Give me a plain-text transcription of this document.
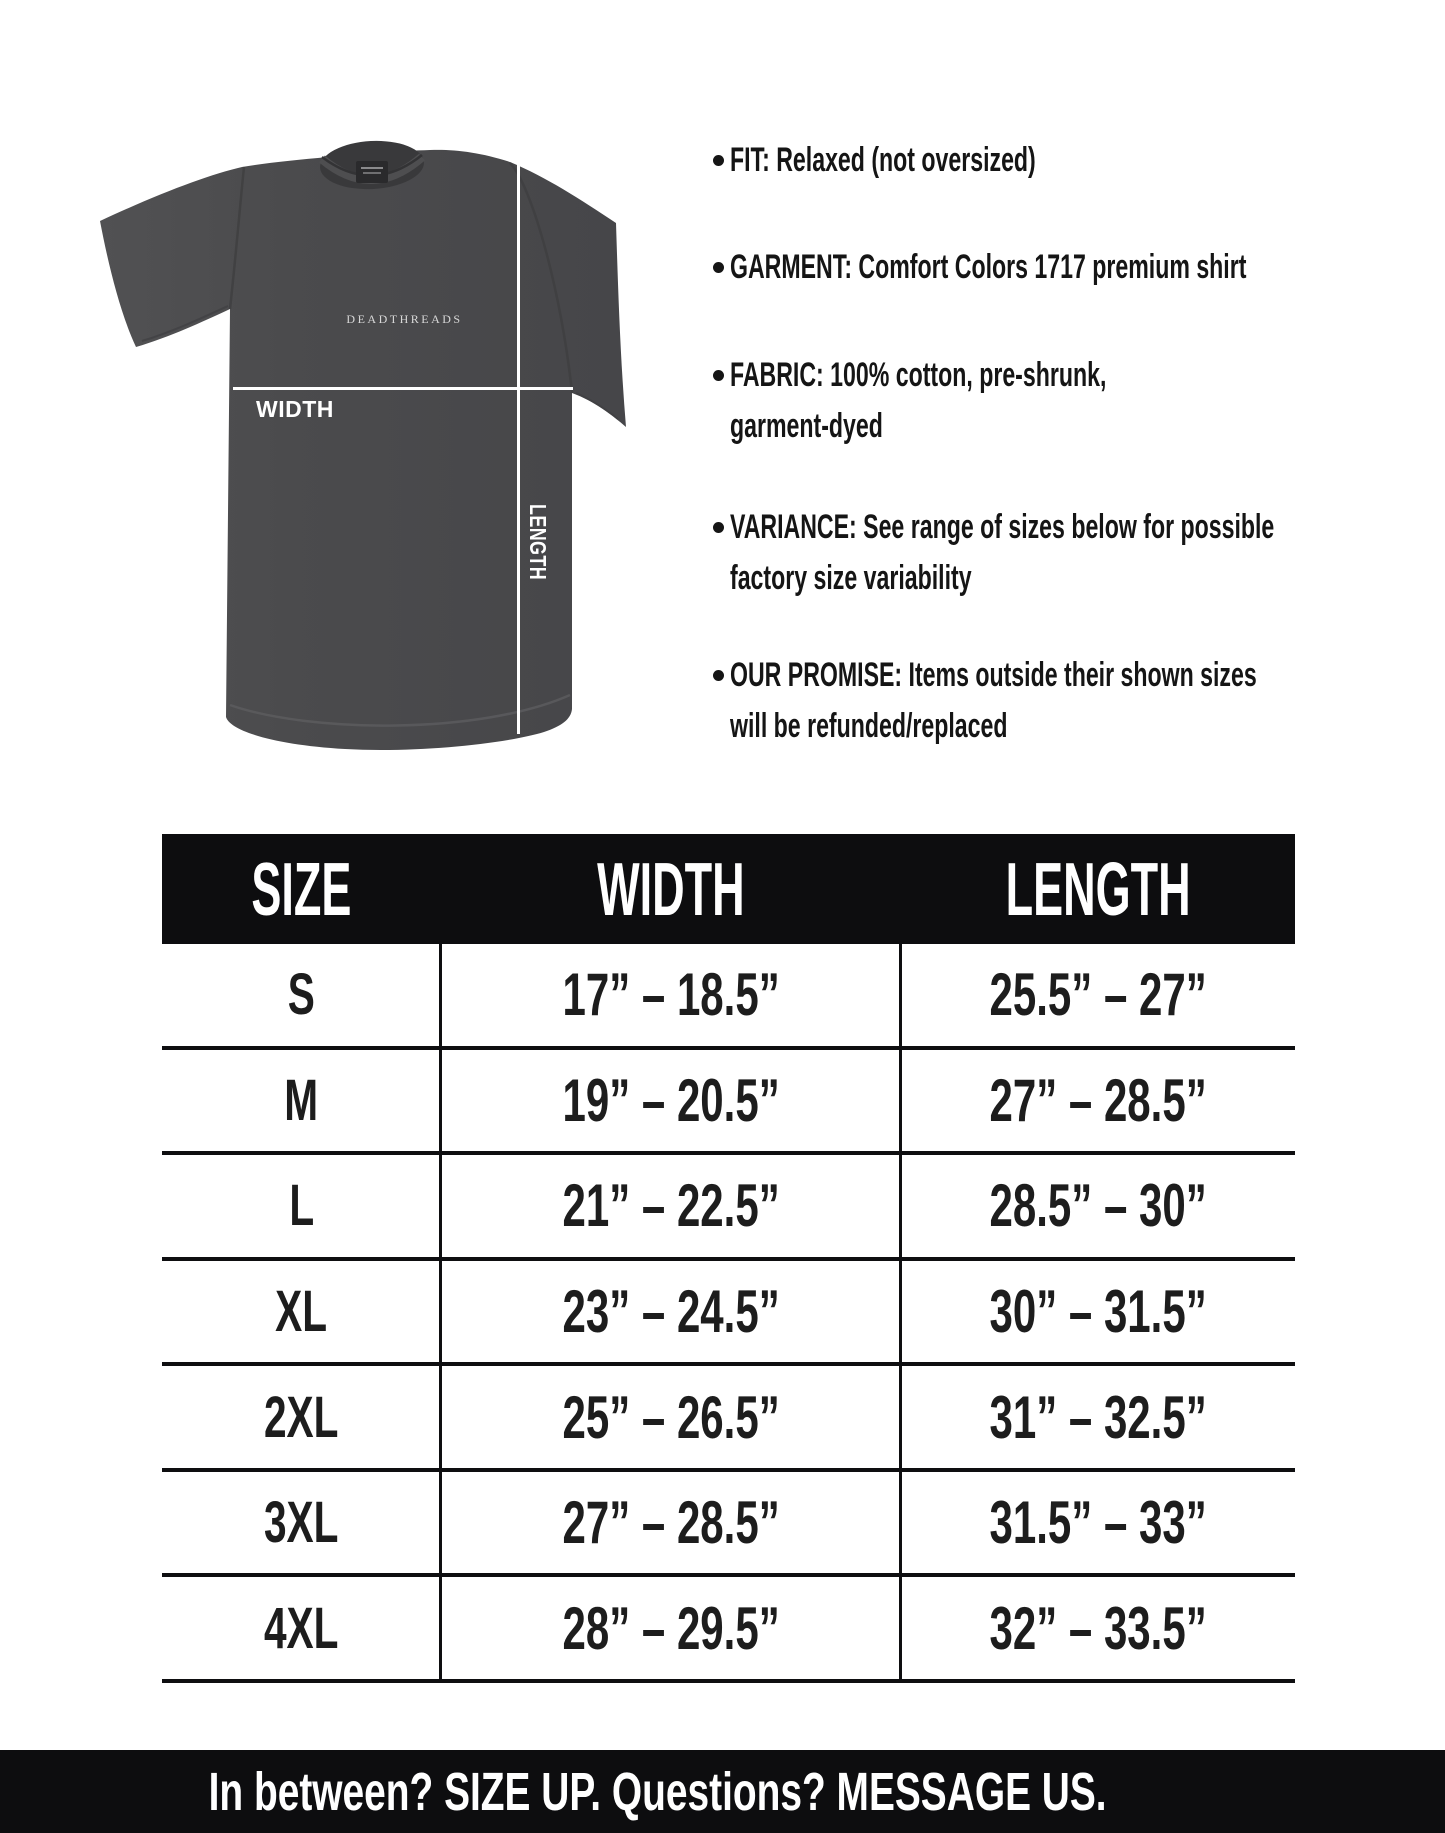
DEADTHREADS
WIDTH
LENGTH
FIT: Relaxed (not oversized)
GARMENT: Comfort Colors 1717 premium shirt
FABRIC: 100% cotton, pre-shrunk,
garment-dyed
VARIANCE: See range of sizes below for possible
factory size variability
OUR PROMISE: Items outside their shown sizes
will be refunded/replaced
SIZE	WIDTH	LENGTH
S	17” – 18.5”	25.5” – 27”
M	19” – 20.5”	27” – 28.5”
L	21” – 22.5”	28.5” – 30”
XL	23” – 24.5”	30” – 31.5”
2XL	25” – 26.5”	31” – 32.5”
3XL	27” – 28.5”	31.5” – 33”
4XL	28” – 29.5”	32” – 33.5”
In between? SIZE UP. Questions? MESSAGE US.
